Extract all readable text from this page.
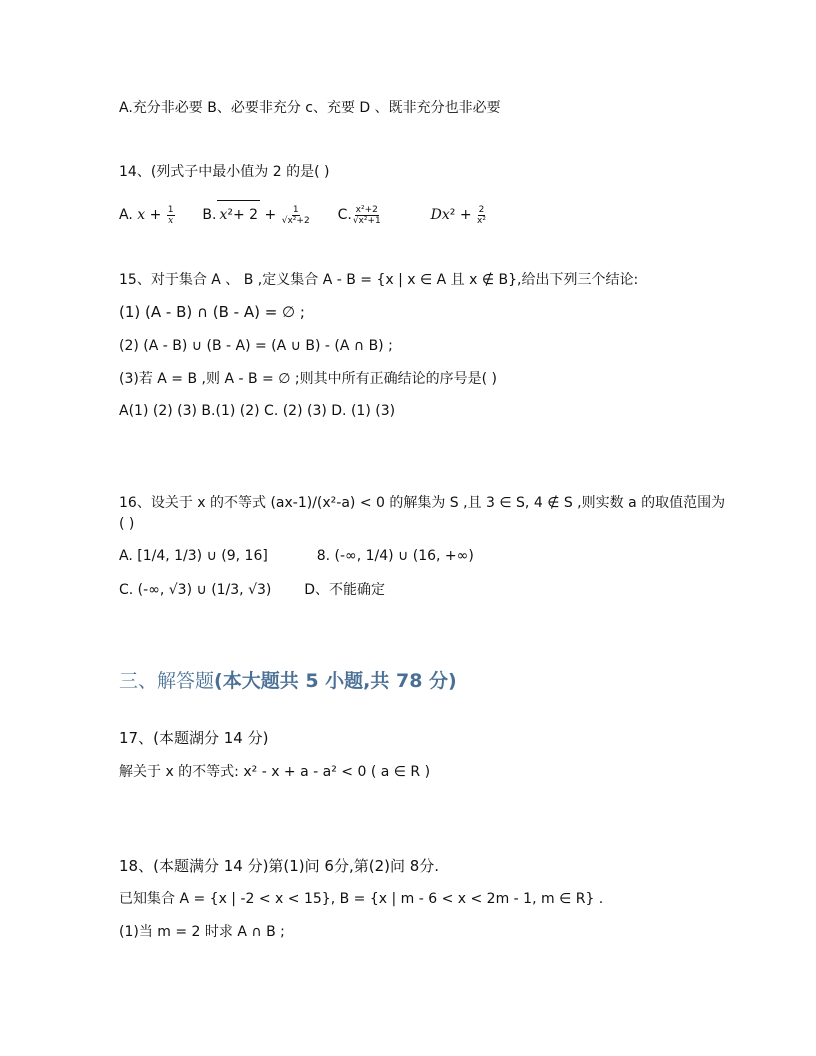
A.充分非必要 B、必要非充分 c、充要 D 、既非充分也非必要
14、(列式子中最小值为 2 的是( )
A. $x + \frac{1}{x} B$. $x^2+ 2 + \frac{1}{\text{√x²+2}} C$. $\frac{\text{x²+2}}{\text{√x²+1}}$	$Dx^2 + \frac{2}{\text{x²}}$
15、对于集合 A 、 B ,定义集合 A - B = {x | x ∈ A 且 x ∉ B},给出下列三个结论:
(1) (A - B) ∩ (B - A) = ∅ ;
(2) (A - B) ∪ (B - A) = (A ∪ B) - (A ∩ B) ;
(3)若 A = B ,则 A - B = ∅ ;则其中所有正确结论的序号是( )
A(1) (2) (3) B.(1) (2) C. (2) (3) D. (1) (3)
16、设关于 x 的不等式 (ax-1)/(x²-a) < 0 的解集为 S ,且 3 ∈ S, 4 ∉ S ,则实数 a 的取值范围为
( )
A. [1/4, 1/3) ∪ (9, 16]	8. (-∞, 1/4) ∪ (16, +∞)
C. (-∞, √3) ∪ (1/3, √3) D、不能确定
三、解答题(本大题共 5 小题,共 78 分)
17、(本题湖分 14 分)
解关于 x 的不等式: x² - x + a - a² < 0 ( a ∈ R )
18、(本题满分 14 分)第(1)问 6分,第(2)问 8分.
已知集合 A = {x | -2 < x < 15}, B = {x | m - 6 < x < 2m - 1, m ∈ R} .
(1)当 m = 2 时求 A ∩ B ;
